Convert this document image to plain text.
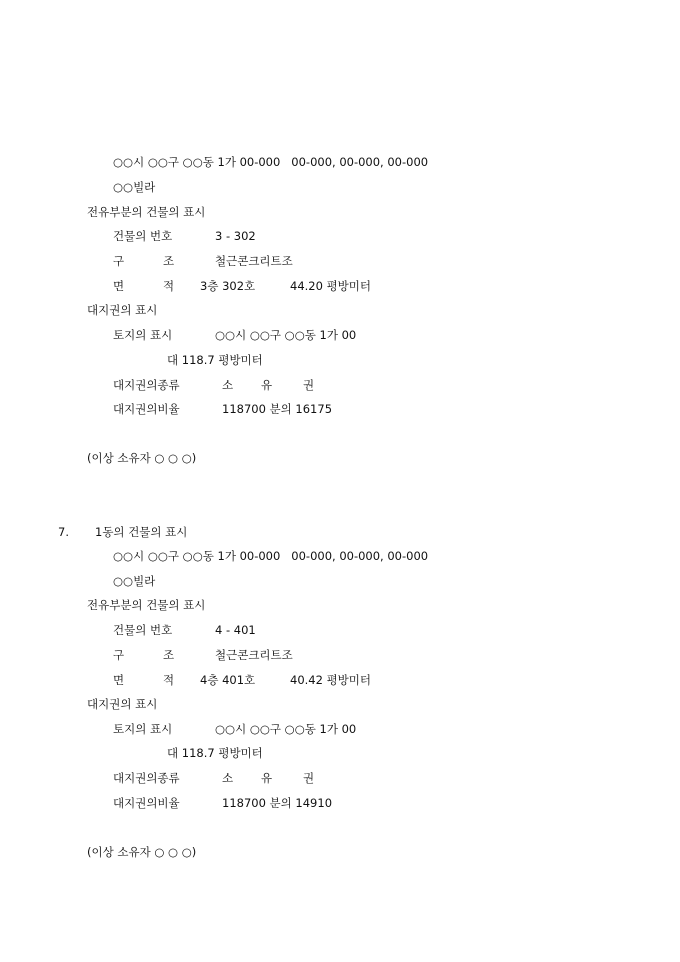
○○시 ○○구 ○○동 1가 00-000   00-000, 00-000, 00-000
○○빌라
전유부분의 건물의 표시
건물의 번호	3 - 302
구	조	철근콘크리트조
면	적 3층 302호	44.20 평방미터
대지권의 표시
토지의 표시	○○시 ○○구 ○○동 1가 00
대 118.7 평방미터
대지권의종류	소 유	권
대지권의비율	118700 분의 16175
(이상 소유자 ○ ○ ○)
7. 1동의 건물의 표시
○○시 ○○구 ○○동 1가 00-000   00-000, 00-000, 00-000
○○빌라
전유부분의 건물의 표시
건물의 번호	4 - 401
구	조	철근콘크리트조
면	적 4층 401호	40.42 평방미터
대지권의 표시
토지의 표시	○○시 ○○구 ○○동 1가 00
대 118.7 평방미터
대지권의종류	소 유	권
대지권의비율	118700 분의 14910
(이상 소유자 ○ ○ ○)
